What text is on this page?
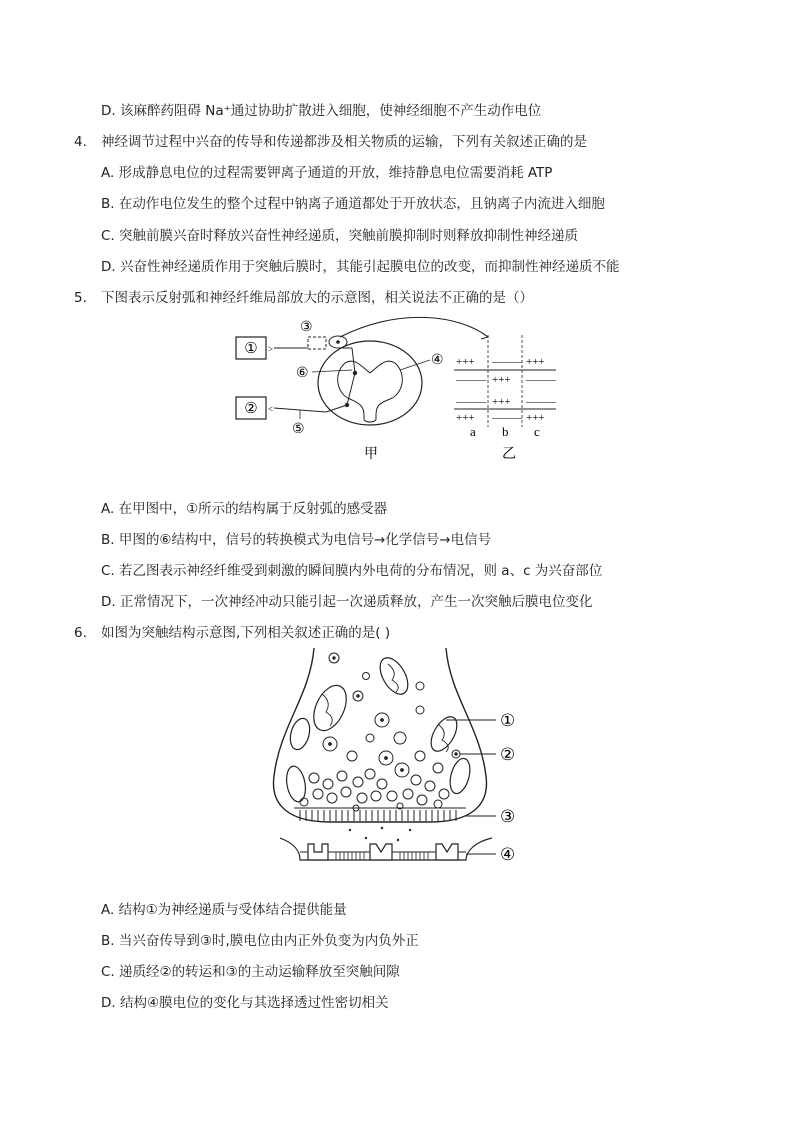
D. 该麻醉药阻碍 Na⁺通过协助扩散进入细胞，使神经细胞不产生动作电位
4. 神经调节过程中兴奋的传导和传递都涉及相关物质的运输，下列有关叙述正确的是
A. 形成静息电位的过程需要钾离子通道的开放，维持静息电位需要消耗 ATP
B. 在动作电位发生的整个过程中钠离子通道都处于开放状态，且钠离子内流进入细胞
C. 突触前膜兴奋时释放兴奋性神经递质，突触前膜抑制时则释放抑制性神经递质
D. 兴奋性神经递质作用于突触后膜时，其能引起膜电位的改变，而抑制性神经递质不能
5. 下图表示反射弧和神经纤维局部放大的示意图，相关说法不正确的是（）
① >
③
⑥
④
② <
⑤
甲
+++ ——— +++
——— +++ ———
——— +++ ———
+++ ——— +++
a b c
乙
A. 在甲图中，①所示的结构属于反射弧的感受器
B. 甲图的⑥结构中，信号的转换模式为电信号→化学信号→电信号
C. 若乙图表示神经纤维受到刺激的瞬间膜内外电荷的分布情况，则 a、c 为兴奋部位
D. 正常情况下，一次神经冲动只能引起一次递质释放，产生一次突触后膜电位变化
6. 如图为突触结构示意图,下列相关叙述正确的是( )
①
②
③
④
A. 结构①为神经递质与受体结合提供能量
B. 当兴奋传导到③时,膜电位由内正外负变为内负外正
C. 递质经②的转运和③的主动运输释放至突触间隙
D. 结构④膜电位的变化与其选择透过性密切相关
